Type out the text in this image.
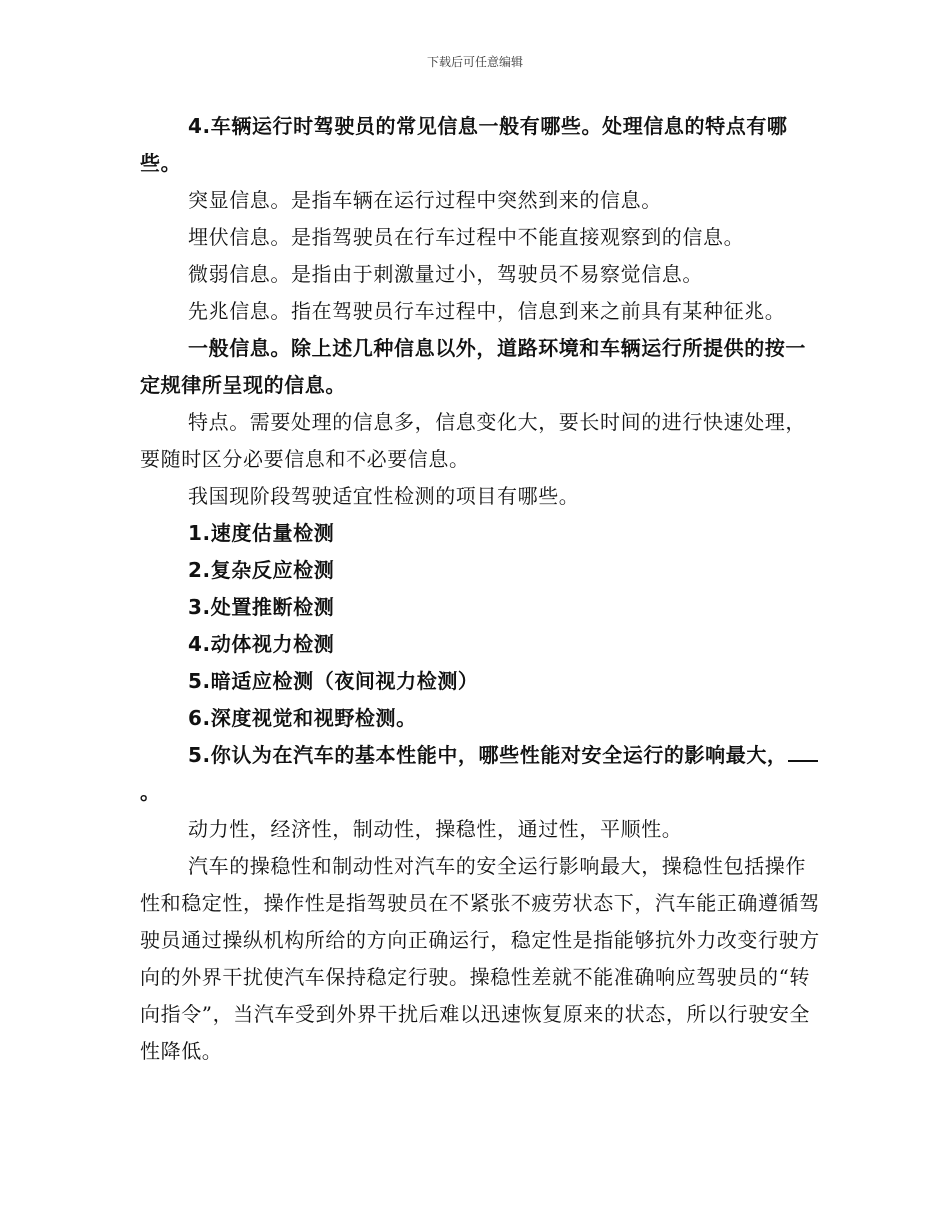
下载后可任意编辑

4.车辆运行时驾驶员的常见信息一般有哪些。处理信息的特点有哪些。

突显信息。是指车辆在运行过程中突然到来的信息。

埋伏信息。是指驾驶员在行车过程中不能直接观察到的信息。

微弱信息。是指由于刺激量过小，驾驶员不易察觉信息。

先兆信息。指在驾驶员行车过程中，信息到来之前具有某种征兆。

一般信息。除上述几种信息以外，道路环境和车辆运行所提供的按一定规律所呈现的信息。

特点。需要处理的信息多，信息变化大，要长时间的进行快速处理，要随时区分必要信息和不必要信息。

我国现阶段驾驶适宜性检测的项目有哪些。

1.速度估量检测

2.复杂反应检测

3.处置推断检测

4.动体视力检测

5.暗适应检测（夜间视力检测）

6.深度视觉和视野检测。

5.你认为在汽车的基本性能中，哪些性能对安全运行的影响最大，。

动力性，经济性，制动性，操稳性，通过性，平顺性。

汽车的操稳性和制动性对汽车的安全运行影响最大，操稳性包括操作性和稳定性，操作性是指驾驶员在不紧张不疲劳状态下，汽车能正确遵循驾驶员通过操纵机构所给的方向正确运行，稳定性是指能够抗外力改变行驶方向的外界干扰使汽车保持稳定行驶。操稳性差就不能准确响应驾驶员的“转向指令”，当汽车受到外界干扰后难以迅速恢复原来的状态，所以行驶安全性降低。
